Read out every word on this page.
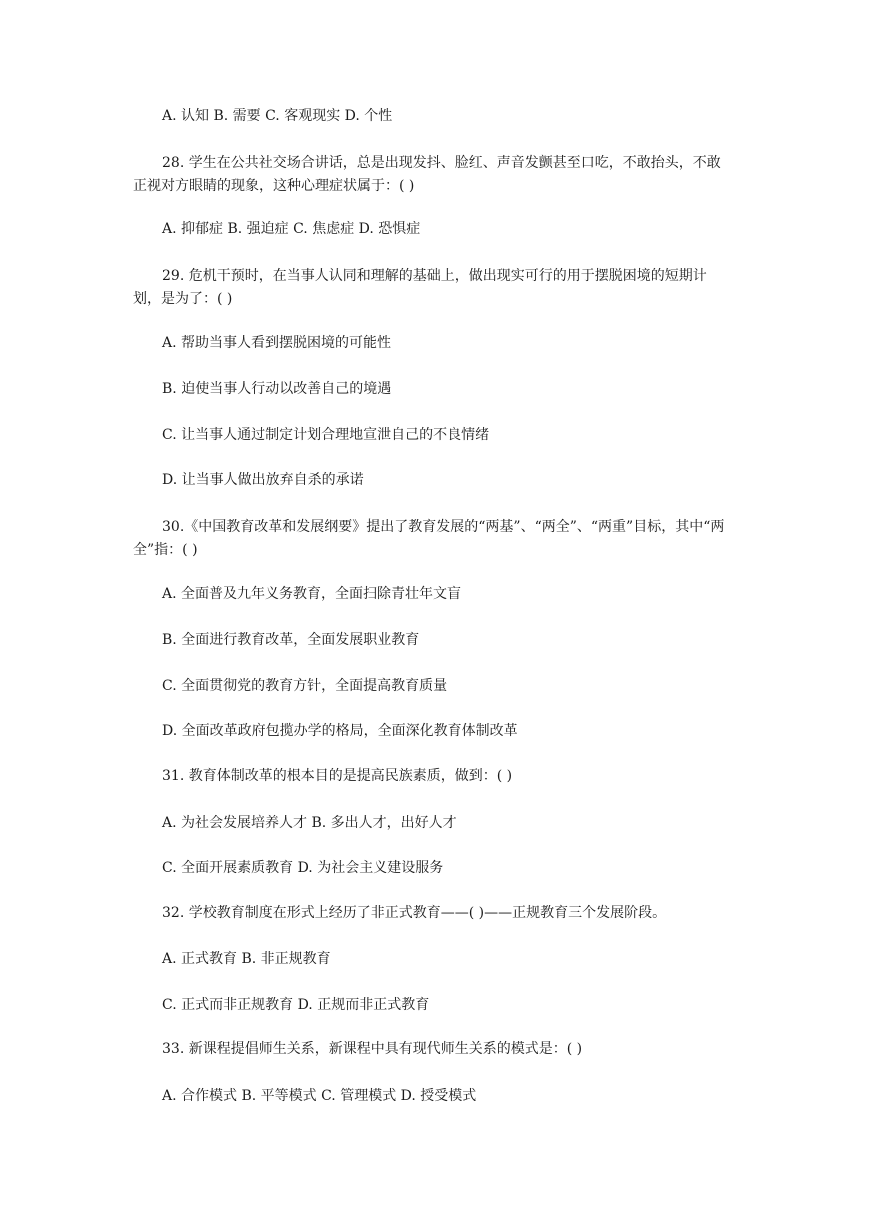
A. 认知 B. 需要 C. 客观现实 D. 个性
28. 学生在公共社交场合讲话，总是出现发抖、脸红、声音发颤甚至口吃，不敢抬头，不敢正视对方眼睛的现象，这种心理症状属于：( )
A. 抑郁症 B. 强迫症 C. 焦虑症 D. 恐惧症
29. 危机干预时，在当事人认同和理解的基础上，做出现实可行的用于摆脱困境的短期计划，是为了：( )
A. 帮助当事人看到摆脱困境的可能性
B. 迫使当事人行动以改善自己的境遇
C. 让当事人通过制定计划合理地宣泄自己的不良情绪
D. 让当事人做出放弃自杀的承诺
30.《中国教育改革和发展纲要》提出了教育发展的“两基”、“两全”、“两重”目标，其中“两全”指：( )
A. 全面普及九年义务教育，全面扫除青壮年文盲
B. 全面进行教育改革，全面发展职业教育
C. 全面贯彻党的教育方针，全面提高教育质量
D. 全面改革政府包揽办学的格局，全面深化教育体制改革
31. 教育体制改革的根本目的是提高民族素质，做到：( )
A. 为社会发展培养人才 B. 多出人才，出好人才
C. 全面开展素质教育 D. 为社会主义建设服务
32. 学校教育制度在形式上经历了非正式教育——( )——正规教育三个发展阶段。
A. 正式教育 B. 非正规教育
C. 正式而非正规教育 D. 正规而非正式教育
33. 新课程提倡师生关系，新课程中具有现代师生关系的模式是：( )
A. 合作模式 B. 平等模式 C. 管理模式 D. 授受模式
